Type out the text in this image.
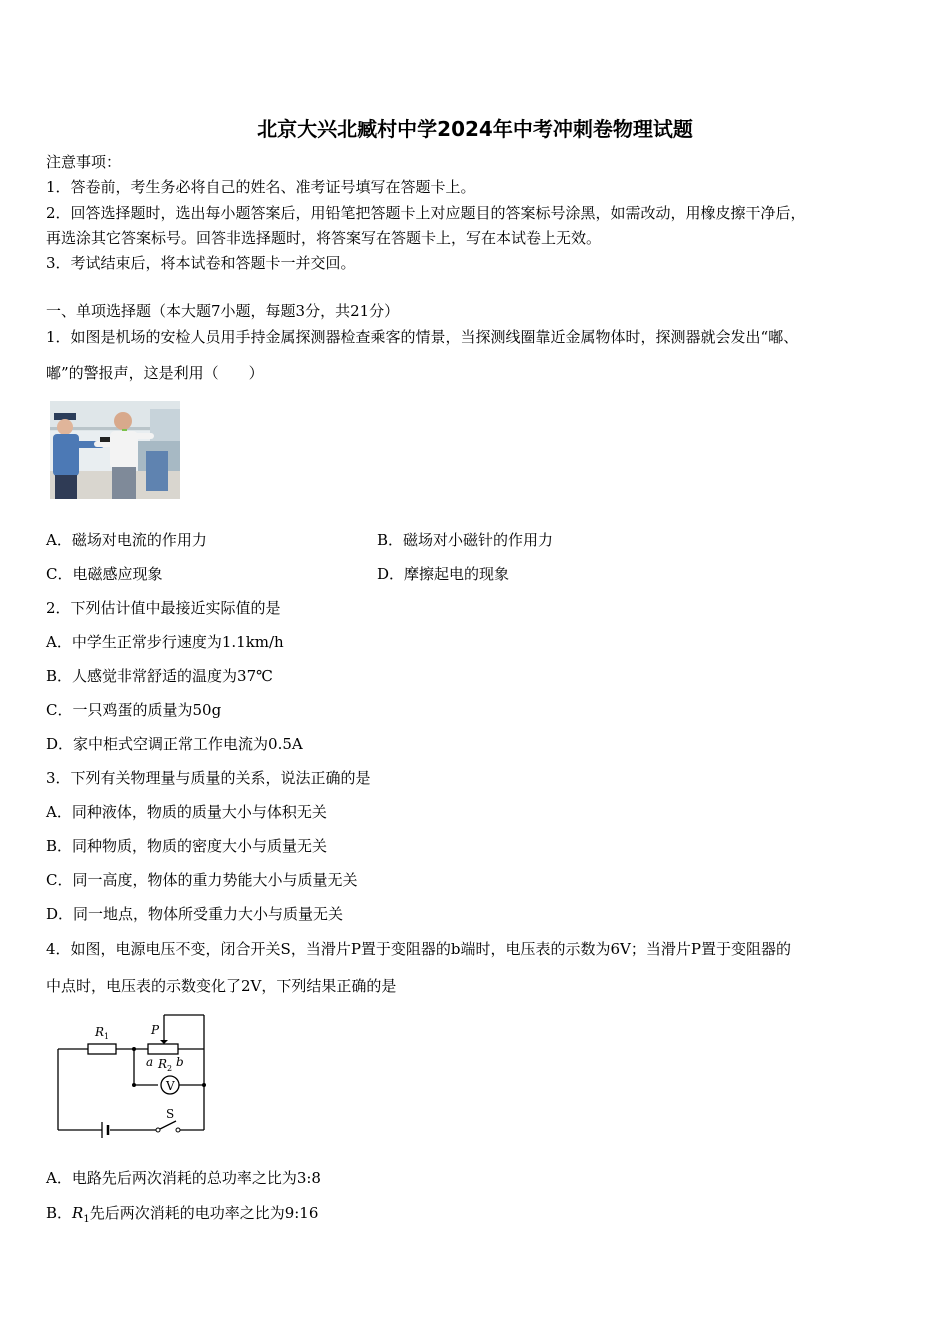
北京大兴北臧村中学2024年中考冲刺卷物理试题
注意事项：
1．答卷前，考生务必将自己的姓名、准考证号填写在答题卡上。
2．回答选择题时，选出每小题答案后，用铅笔把答题卡上对应题目的答案标号涂黑，如需改动，用橡皮擦干净后，
再选涂其它答案标号。回答非选择题时，将答案写在答题卡上，写在本试卷上无效。
3．考试结束后，将本试卷和答题卡一并交回。
一、单项选择题（本大题7小题，每题3分，共21分）
1．如图是机场的安检人员用手持金属探测器检查乘客的情景，当探测线圈靠近金属物体时，探测器就会发出“嘟、
嘟”的警报声，这是利用（　　）
A．磁场对电流的作用力	B．磁场对小磁针的作用力
C．电磁感应现象	D．摩擦起电的现象
2．下列估计值中最接近实际值的是
A．中学生正常步行速度为1.1km/h
B．人感觉非常舒适的温度为37℃
C．一只鸡蛋的质量为50g
D．家中柜式空调正常工作电流为0.5A
3．下列有关物理量与质量的关系，说法正确的是
A．同种液体，物质的质量大小与体积无关
B．同种物质，物质的密度大小与质量无关
C．同一高度，物体的重力势能大小与质量无关
D．同一地点，物体所受重力大小与质量无关
4．如图，电源电压不变，闭合开关S，当滑片P置于变阻器的b端时，电压表的示数为6V；当滑片P置于变阻器的
中点时，电压表的示数变化了2V，下列结果正确的是
R 1	P
a R 2 b
V
S
A．电路先后两次消耗的总功率之比为3:8
B．$R_1$先后两次消耗的电功率之比为9:16
